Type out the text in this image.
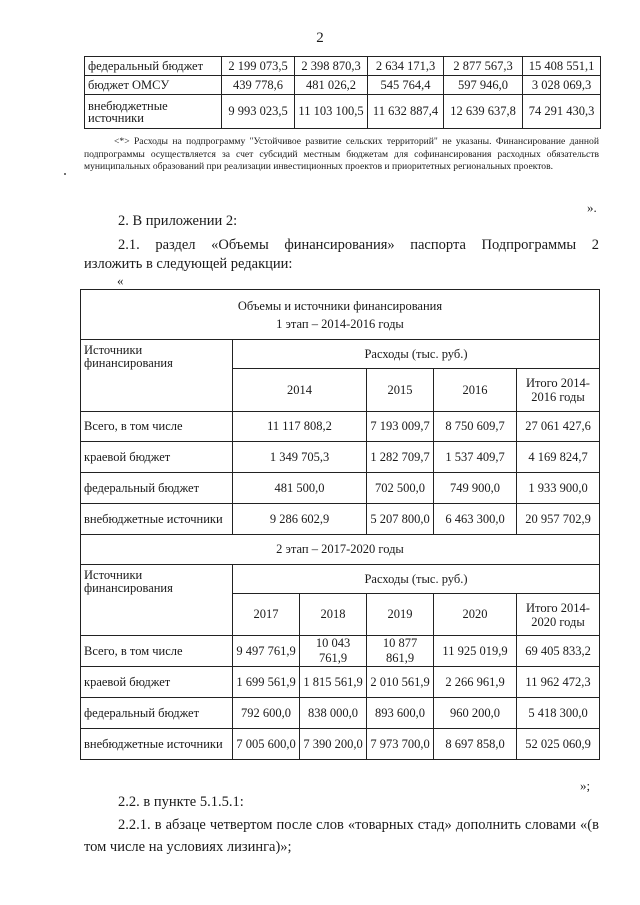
2
федеральный бюджет	2 199 073,5	2 398 870,3	2 634 171,3	2 877 567,3	15 408 551,1
бюджет ОМСУ	439 778,6	481 026,2	545 764,4	597 946,0	3 028 069,3
внебюджетные источники	9 993 023,5	11 103 100,5	11 632 887,4	12 639 637,8	74 291 430,3
<*> Расходы на подпрограмму "Устойчивое развитие сельских территорий" не указаны. Финансирование данной подпрограммы осуществляется за счет субсидий местным бюджетам для софинансирования расходных обязательств муниципальных образований при реализации инвестиционных проектов и приоритетных региональных проектов.
».
2. В приложении 2:
2.1. раздел «Объемы финансирования» паспорта Подпрограммы 2
изложить в следующей редакции:
«
Объемы и источники финансирования
1 этап – 2014-2016 годы					

Источники финансирования	Расходы (тыс. руб.)				
	2014		2015	2016	Итого 2014-2016 годы
Всего, в том числе	11 117 808,2		7 193 009,7	8 750 609,7	27 061 427,6
краевой бюджет	1 349 705,3		1 282 709,7	1 537 409,7	4 169 824,7
федеральный бюджет	481 500,0		702 500,0	749 900,0	1 933 900,0
внебюджетные источники	9 286 602,9		5 207 800,0	6 463 300,0	20 957 702,9
2 этап – 2017-2020 годы					
Источники финансирования	Расходы (тыс. руб.)				
	2017	2018	2019	2020	Итого 2014-2020 годы
Всего, в том числе	9 497 761,9	10 043 761,9	10 877 861,9	11 925 019,9	69 405 833,2
краевой бюджет	1 699 561,9	1 815 561,9	2 010 561,9	2 266 961,9	11 962 472,3
федеральный бюджет	792 600,0	838 000,0	893 600,0	960 200,0	5 418 300,0
внебюджетные источники	7 005 600,0	7 390 200,0	7 973 700,0	8 697 858,0	52 025 060,9
»;
2.2. в пункте 5.1.5.1:
2.2.1. в абзаце четвертом после слов «товарных стад» дополнить словами «(в том числе на условиях лизинга)»;
